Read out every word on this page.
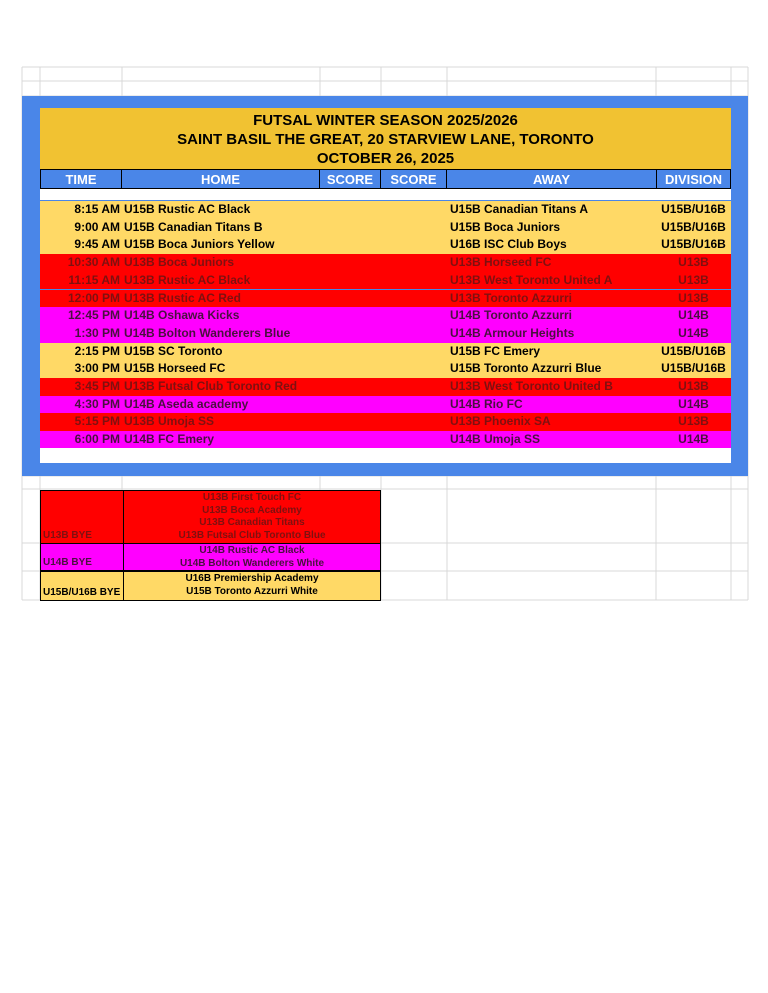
FUTSAL WINTER SEASON 2025/2026
SAINT BASIL THE GREAT, 20 STARVIEW LANE, TORONTO
OCTOBER 26, 2025
TIME	HOME	SCORE	SCORE	AWAY	DIVISION
8:15 AM U15B Rustic AC Black	U15B Canadian Titans A	U15B/U16B
9:00 AM U15B Canadian Titans B	U15B Boca Juniors	U15B/U16B
9:45 AM U15B Boca Juniors Yellow	U16B ISC Club Boys	U15B/U16B
10:30 AM U13B Boca Juniors	U13B Horseed FC	U13B
11:15 AM U13B Rustic AC Black	U13B West Toronto United A	U13B
12:00 PM U13B Rustic AC Red	U13B Toronto Azzurri	U13B
12:45 PM U14B Oshawa Kicks	U14B Toronto Azzurri	U14B
1:30 PM U14B Bolton Wanderers Blue	U14B Armour Heights	U14B
2:15 PM U15B SC Toronto	U15B FC Emery	U15B/U16B
3:00 PM U15B Horseed FC	U15B Toronto Azzurri Blue	U15B/U16B
3:45 PM U13B Futsal Club Toronto Red	U13B West Toronto United B	U13B
4:30 PM U14B Aseda academy	U14B Rio FC	U14B
5:15 PM U13B Umoja SS	U13B Phoenix SA	U13B
6:00 PM U14B FC Emery	U14B Umoja SS	U14B
U13B BYE
U13B First Touch FC
U13B Boca Academy
U13B Canadian Titans
U13B Futsal Club Toronto Blue
U14B BYE
U14B Rustic AC Black
U14B Bolton Wanderers White
U15B/U16B BYE
U16B Premiership Academy
U15B Toronto Azzurri White
